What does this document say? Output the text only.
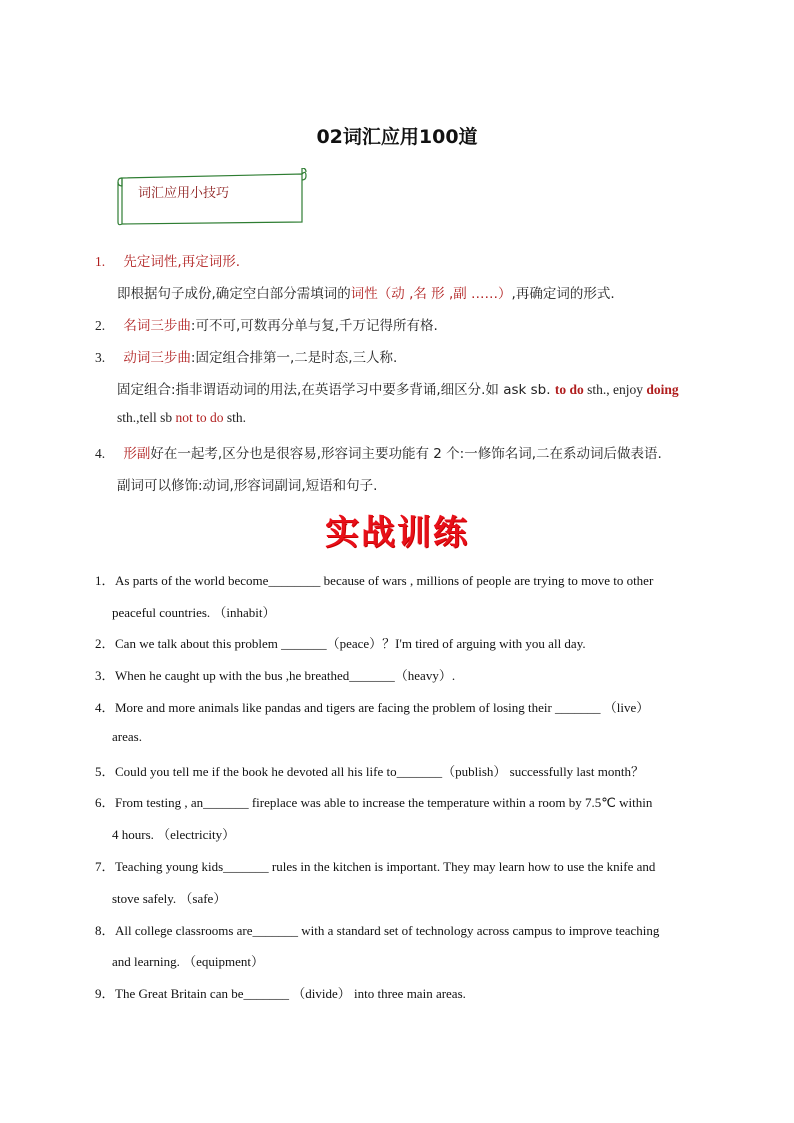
02词汇应用100道
词汇应用小技巧
1. 先定词性,再定词形.
即根据句子成份,确定空白部分需填词的词性（动 ,名 形 ,副 ……）,再确定词的形式.
2. 名词三步曲:可不可,可数再分单与复,千万记得所有格.
3. 动词三步曲:固定组合排第一,二是时态,三人称.
固定组合:指非谓语动词的用法,在英语学习中要多背诵,细区分.如 ask sb. to do sth., enjoy doing
sth.,tell sb not to do sth.
4. 形副好在一起考,区分也是很容易,形容词主要功能有 2 个:一修饰名词,二在系动词后做表语.
副词可以修饰:动词,形容词副词,短语和句子.
实战训练
1．As parts of the world become________ because of wars , millions of people are trying to move to other
peaceful countries. （inhabit）
2．Can we talk about this problem _______（peace）？I'm tired of arguing with you all day.
3．When he caught up with the bus ,he breathed_______（heavy）.
4．More and more animals like pandas and tigers are facing the problem of losing their _______ （live）
areas.
5．Could you tell me if the book he devoted all his life to_______（publish） successfully last month？
6．From testing , an_______ fireplace was able to increase the temperature within a room by 7.5℃ within
4 hours. （electricity）
7．Teaching young kids_______ rules in the kitchen is important. They may learn how to use the knife and
stove safely. （safe）
8．All college classrooms are_______ with a standard set of technology across campus to improve teaching
and learning. （equipment）
9．The Great Britain can be_______ （divide） into three main areas.
